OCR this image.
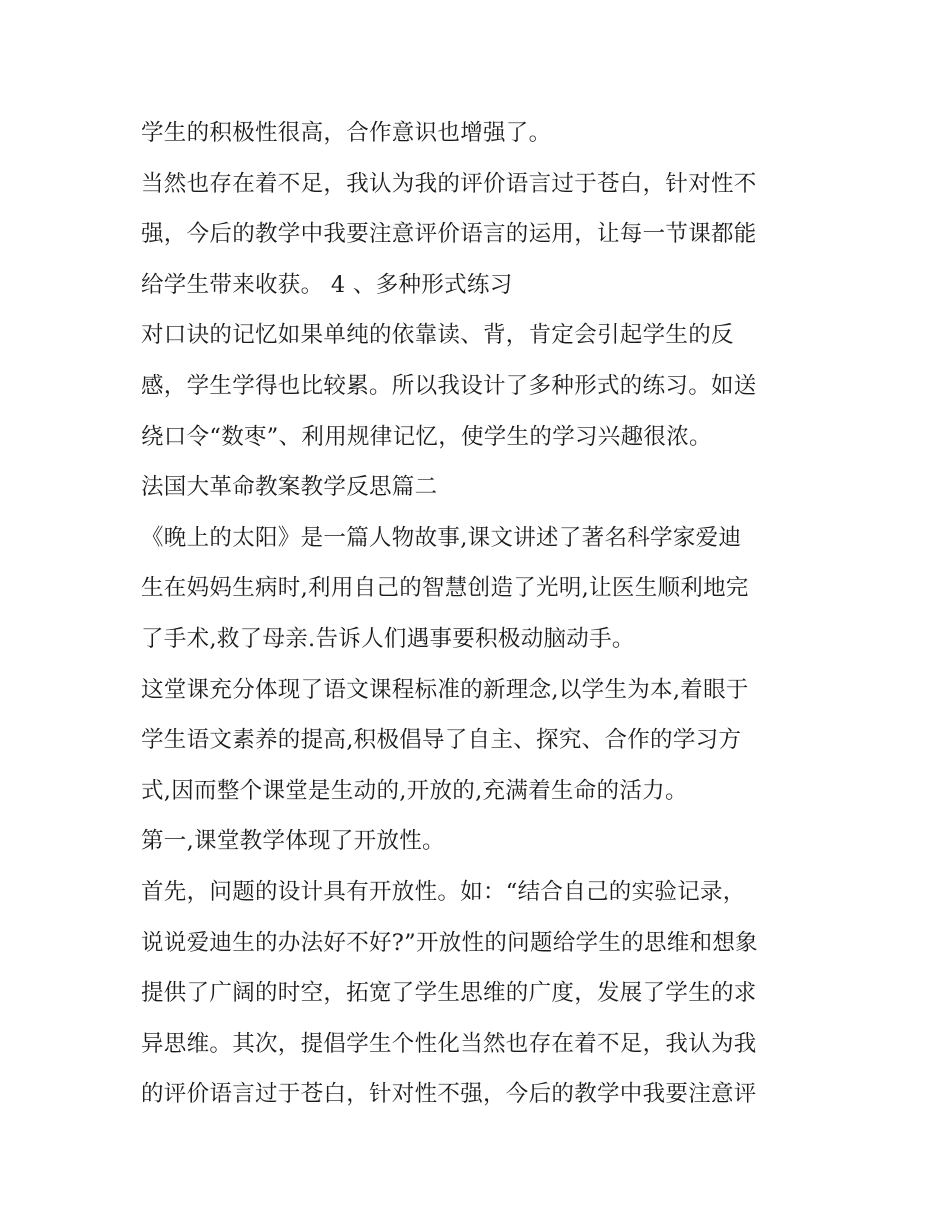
学生的积极性很高，合作意识也增强了。
当然也存在着不足，我认为我的评价语言过于苍白，针对性不
强，今后的教学中我要注意评价语言的运用，让每一节课都能
给学生带来收获。 4 、多种形式练习
对口诀的记忆如果单纯的依靠读、背，肯定会引起学生的反
感，学生学得也比较累。所以我设计了多种形式的练习。如送
绕口令“数枣”、利用规律记忆，使学生的学习兴趣很浓。
法国大革命教案教学反思篇二
《晚上的太阳》是一篇人物故事,课文讲述了著名科学家爱迪
生在妈妈生病时,利用自己的智慧创造了光明,让医生顺利地完
了手术,救了母亲.告诉人们遇事要积极动脑动手。
这堂课充分体现了语文课程标准的新理念,以学生为本,着眼于
学生语文素养的提高,积极倡导了自主、探究、合作的学习方
式,因而整个课堂是生动的,开放的,充满着生命的活力。
第一,课堂教学体现了开放性。
首先，问题的设计具有开放性。如：“结合自己的实验记录，
说说爱迪生的办法好不好?”开放性的问题给学生的思维和想象
提供了广阔的时空，拓宽了学生思维的广度，发展了学生的求
异思维。其次，提倡学生个性化当然也存在着不足，我认为我
的评价语言过于苍白，针对性不强，今后的教学中我要注意评
